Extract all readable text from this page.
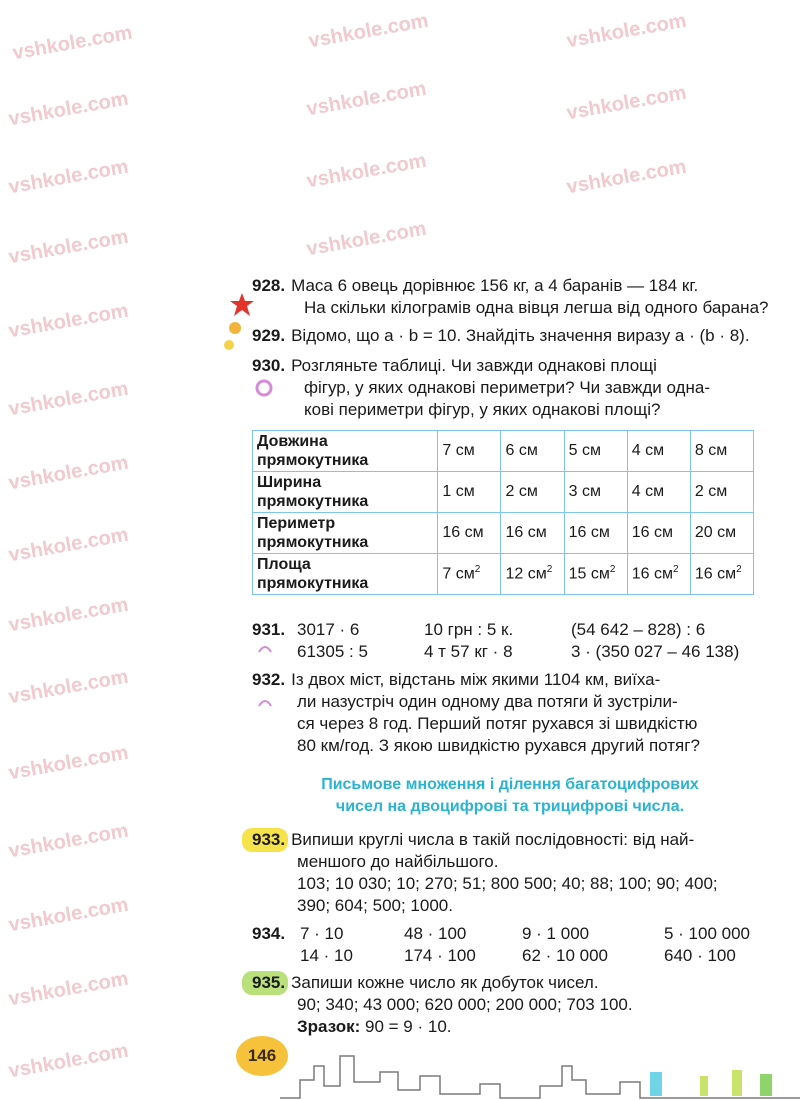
vshkole.com	vshkole.com	vshkole.com
vshkole.com	vshkole.com	vshkole.com
vshkole.com	vshkole.com	vshkole.com
vshkole.com	vshkole.com
vshkole.com
vshkole.com
vshkole.com
vshkole.com
vshkole.com
vshkole.com
vshkole.com
vshkole.com
vshkole.com
vshkole.com
vshkole.com
928. Маса 6 овець дорівнює 156 кг, а 4 баранів — 184 кг.
На скільки кілограмів одна вівця легша від одного барана?
929. Відомо, що a · b = 10. Знайдіть значення виразу a · (b · 8).
930. Розгляньте таблиці. Чи завжди однакові площі
фігур, у яких однакові периметри? Чи завжди одна-
кові периметри фігур, у яких однакові площі?
Довжина
прямокутника	7 см	6 см	5 см	4 см	8 см
Ширина
прямокутника	1 см	2 см	3 см	4 см	2 см
Периметр
прямокутника	16 см	16 см	16 см	16 см	20 см
Площа
прямокутника	7 $см^2$	12 $см^2$	15 $см^2$	16 $см^2$	16 $см^2$
931. 3017 · 6	10 грн : 5 к.	(54 642 – 828) : 6
61305 : 5	4 т 57 кг · 8	3 · (350 027 – 46 138)
932. Із двох міст, відстань між якими 1104 км, виїха-
ли назустріч один одному два потяги й зустріли-
ся через 8 год. Перший потяг рухався зі швидкістю
80 км/год. З якою швидкістю рухався другий потяг?
Письмове множення і ділення багатоцифрових
чисел на двоцифрові та трицифрові числа.
933. Випиши круглі числа в такій послідовності: від най-
меншого до найбільшого.
103; 10 030; 10; 270; 51; 800 500; 40; 88; 100; 90; 400;
390; 604; 500; 1000.
934. 7 · 10	48 · 100	9 · 1 000	5 · 100 000
14 · 10	174 · 100	62 · 10 000	640 · 100
935. Запиши кожне число як добуток чисел.
90; 340; 43 000; 620 000; 200 000; 703 100.
Зразок: 90 = 9 · 10.
146
